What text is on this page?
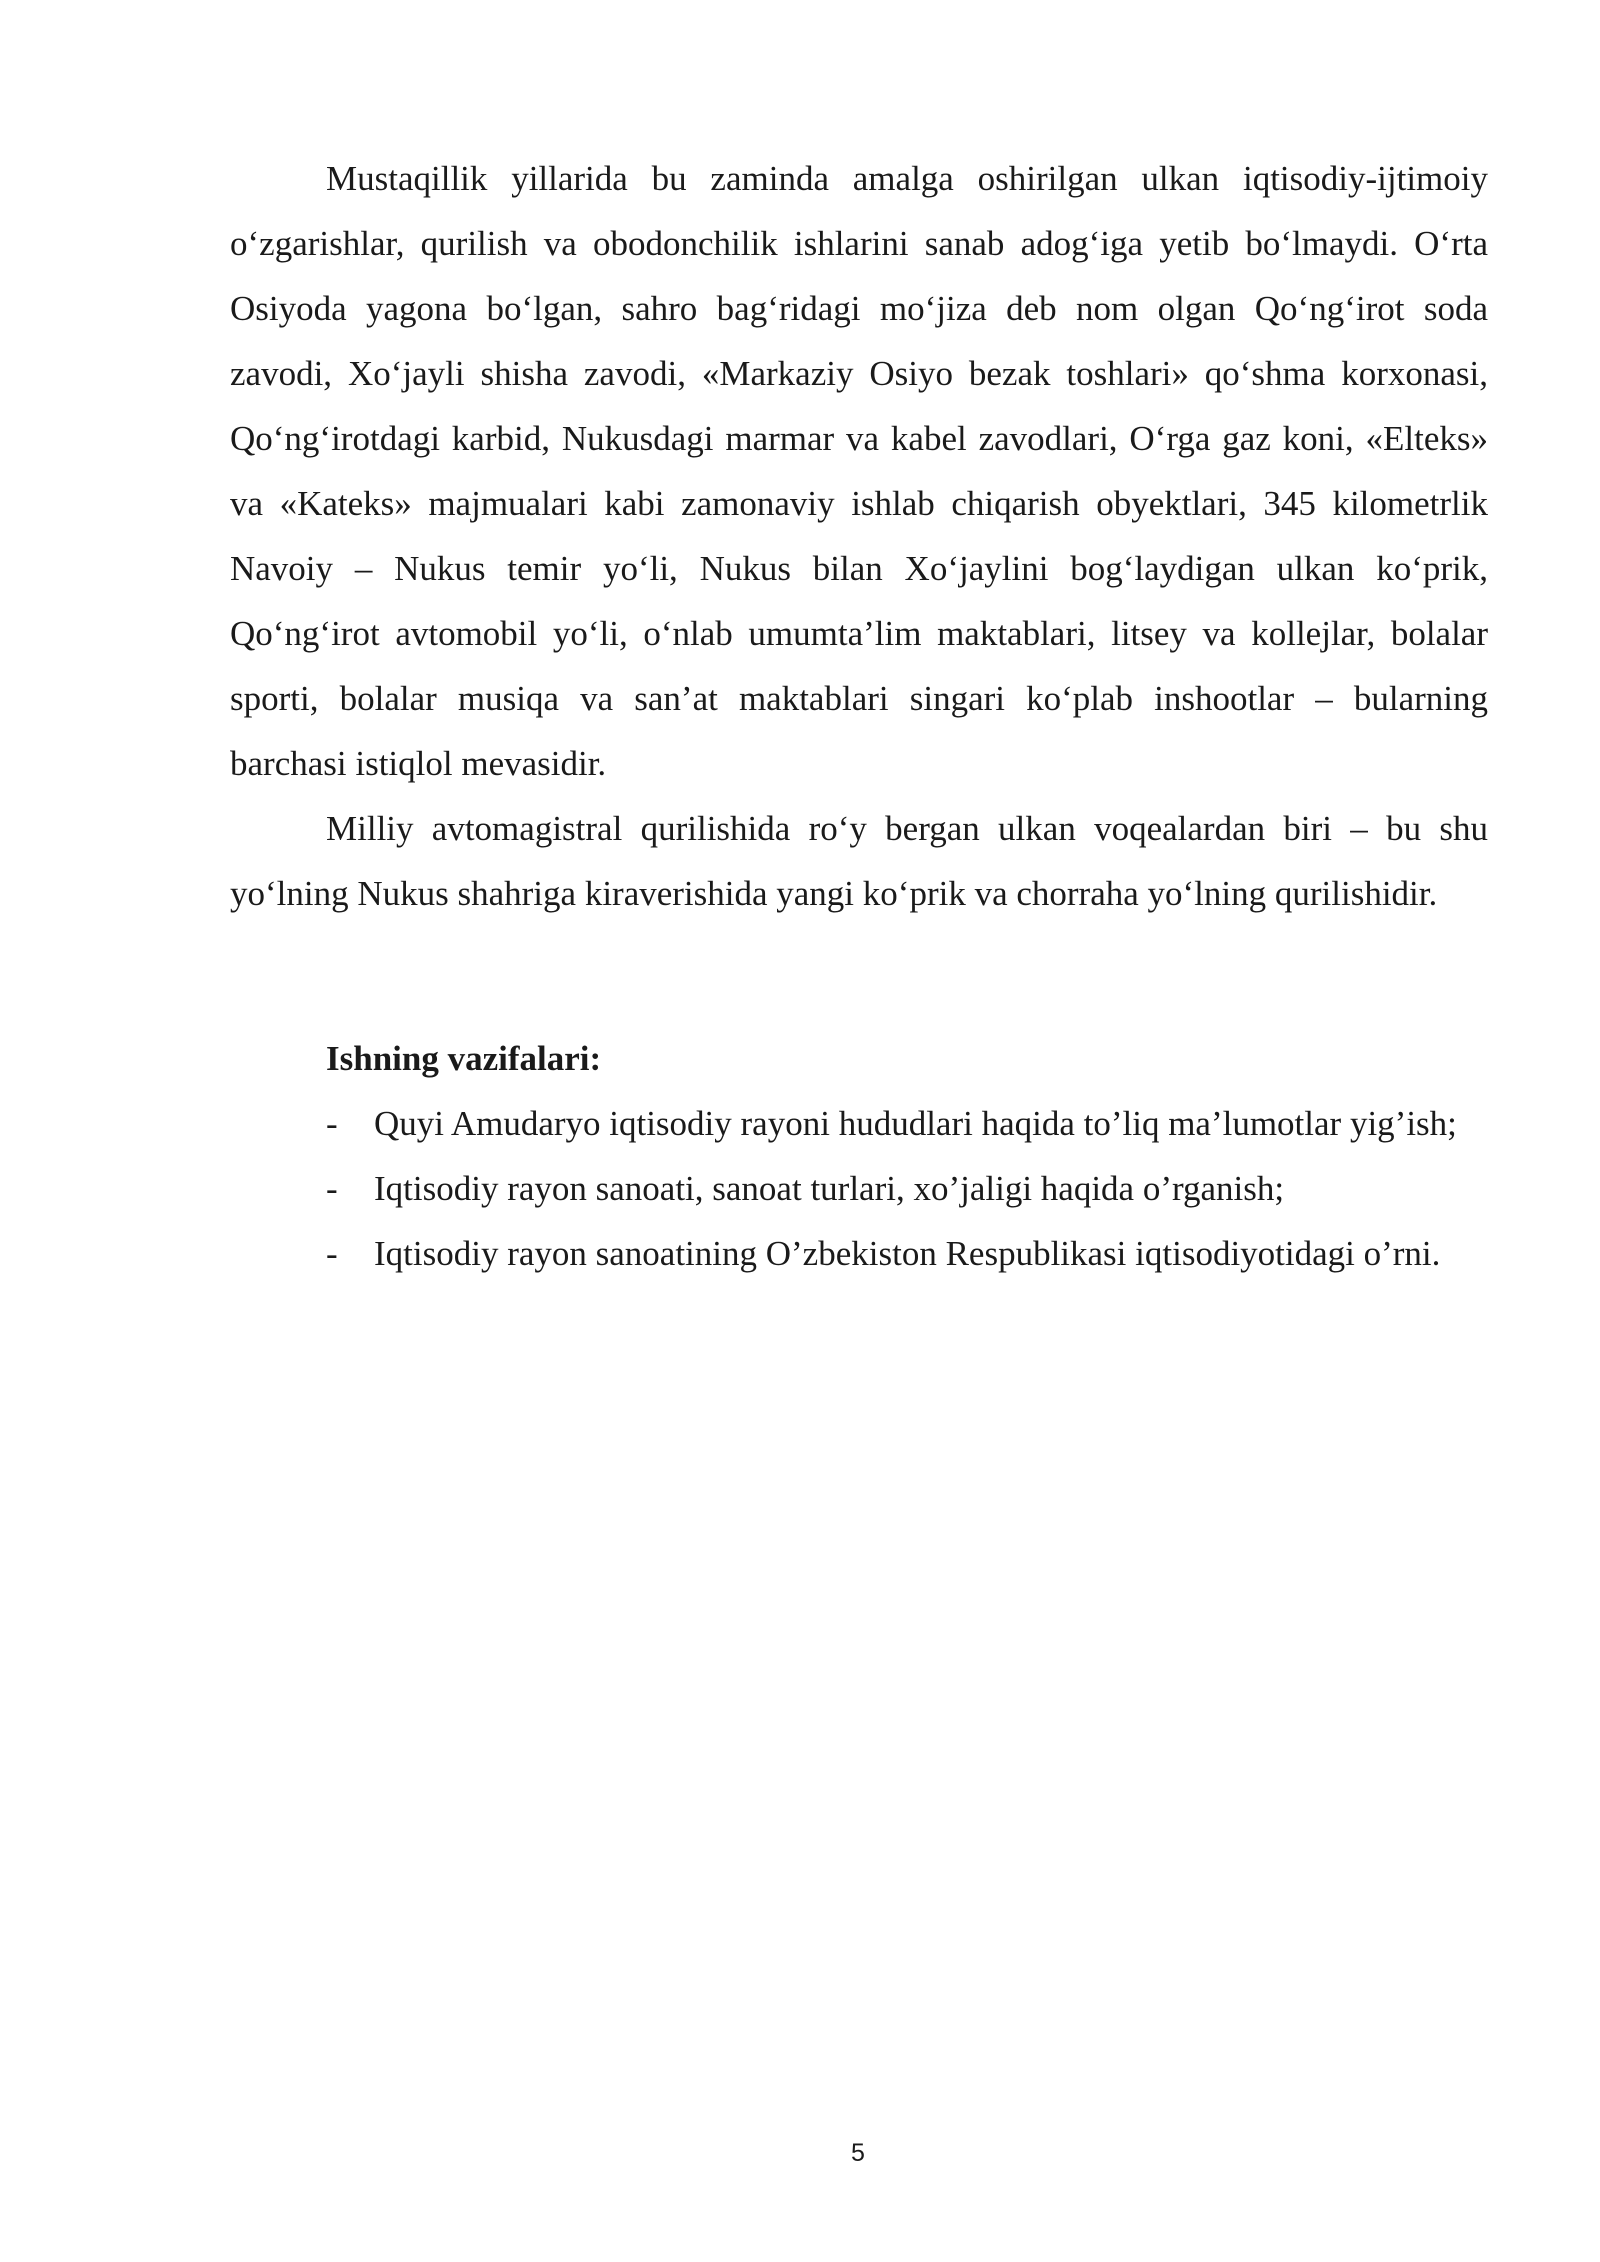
Mustaqillik yillarida bu zaminda amalga oshirilgan ulkan iqtisodiy-ijtimoiy o‘zgarishlar, qurilish va obodonchilik ishlarini sanab adog‘iga yetib bo‘lmaydi. O‘rta Osiyoda yagona bo‘lgan, sahro bag‘ridagi mo‘jiza deb nom olgan Qo‘ng‘irot soda zavodi, Xo‘jayli shisha zavodi, «Markaziy Osiyo bezak toshlari» qo‘shma korxonasi, Qo‘ng‘irotdagi karbid, Nukusdagi marmar va kabel zavodlari, O‘rga gaz koni, «Elteks» va «Kateks» majmualari kabi zamonaviy ishlab chiqarish obyektlari, 345 kilometrlik Navoiy – Nukus temir yo‘li, Nukus bilan Xo‘jaylini bog‘laydigan ulkan ko‘prik, Qo‘ng‘irot avtomobil yo‘li, o‘nlab umumta’lim maktablari, litsey va kollejlar, bolalar sporti, bolalar musiqa va san’at maktablari singari ko‘plab inshootlar – bularning barchasi istiqlol mevasidir.

Milliy avtomagistral qurilishida ro‘y bergan ulkan voqealardan biri – bu shu yo‘lning Nukus shahriga kiraverishida yangi ko‘prik va chorraha yo‘lning qurilishidir.

Ishning vazifalari:

- Quyi Amudaryo iqtisodiy rayoni hududlari haqida to’liq ma’lumotlar yig’ish;
- Iqtisodiy rayon sanoati, sanoat turlari, xo’jaligi haqida o’rganish;
- Iqtisodiy rayon sanoatining O’zbekiston Respublikasi iqtisodiyotidagi o’rni.
5
